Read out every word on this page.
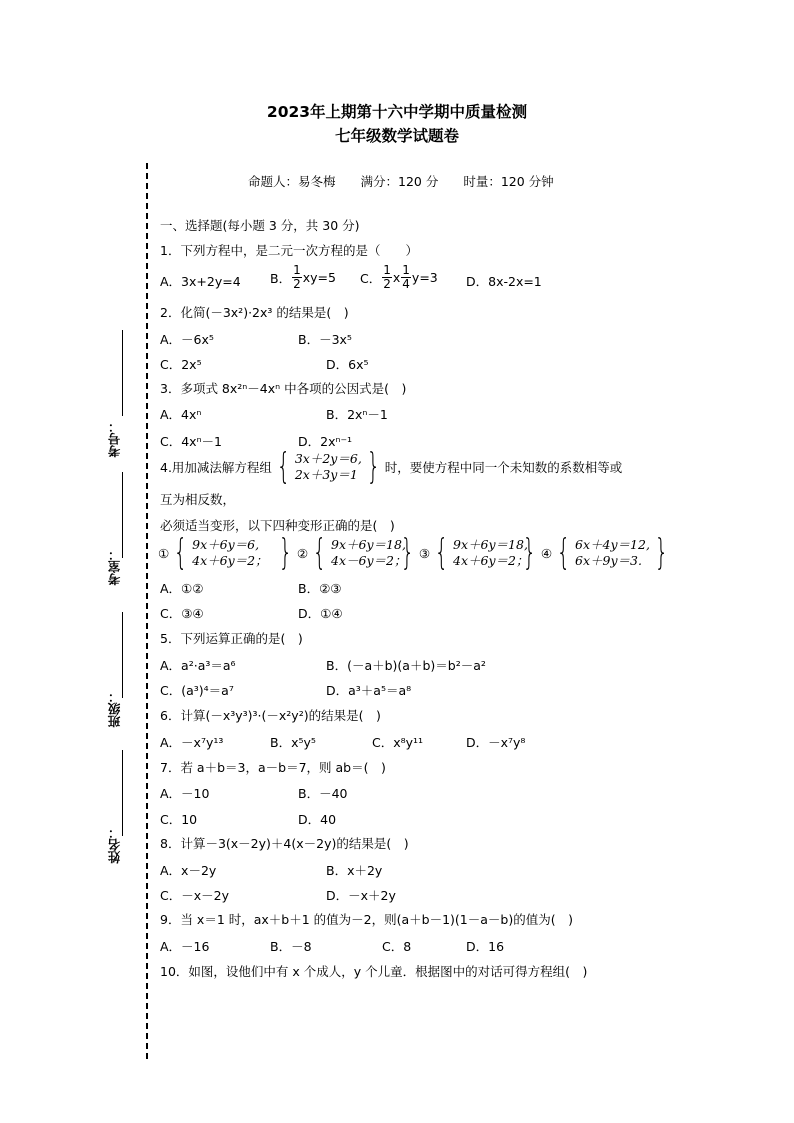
2023年上期第十六中学期中质量检测
七年级数学试题卷
命题人：易冬梅　　满分：120 分　　时量：120 分钟
考号：
考室：
班级：
姓名：
一、选择题(每小题 3 分，共 30 分)
1．下列方程中，是二元一次方程的是（　　）
A．3x+2y=4 B． $\frac{1}{2} xy=5$ C． $\frac{1}{2}$ x $\frac{1}{4} y=3$ D．8x-2x=1
2．化简(－3x²)·2x³ 的结果是(　)
A．－6x⁵	B．－3x⁵
C．2x⁵	D．6x⁵
3．多项式 8x²ⁿ－4xⁿ 中各项的公因式是(　)
A．4xⁿ	B．2xⁿ－1
C．4xⁿ－1	D．2xⁿ⁻¹
4.用加减法解方程组 { 3x＋2y＝6,
2x＋3y＝1 } 时，要使方程中同一个未知数的系数相等或
互为相反数，
必须适当变形，以下四种变形正确的是(　)
① { 9x＋6y＝6,
4x＋6y＝2； } ② { 9x＋6y＝18,
4x－6y＝2；
} ③ { 9x＋6y＝18,
4x＋6y＝2；
} ④ { 6x＋4y＝12,
6x＋9y＝3. }
A．①②	B．②③
C．③④	D．①④
5．下列运算正确的是(　)
A．a²·a³＝a⁶	B．(－a＋b)(a＋b)＝b²－a²
C．(a³)⁴＝a⁷	D．a³＋a⁵＝a⁸
6．计算(－x³y³)³·(－x²y²)的结果是(　)
A．－x⁷y¹³	B．x⁵y⁵	C．x⁸y¹¹	D．－x⁷y⁸
7．若 a＋b＝3，a－b＝7，则 ab＝(　)
A．－10	B．－40
C．10	D．40
8．计算－3(x－2y)＋4(x－2y)的结果是(　)
A．x－2y	B．x＋2y
C．－x－2y	D．－x＋2y
9．当 x＝1 时，ax＋b＋1 的值为－2，则(a＋b－1)(1－a－b)的值为(　)
A．－16	B．－8	C．8	D．16
10．如图，设他们中有 x 个成人，y 个儿童．根据图中的对话可得方程组(　)
